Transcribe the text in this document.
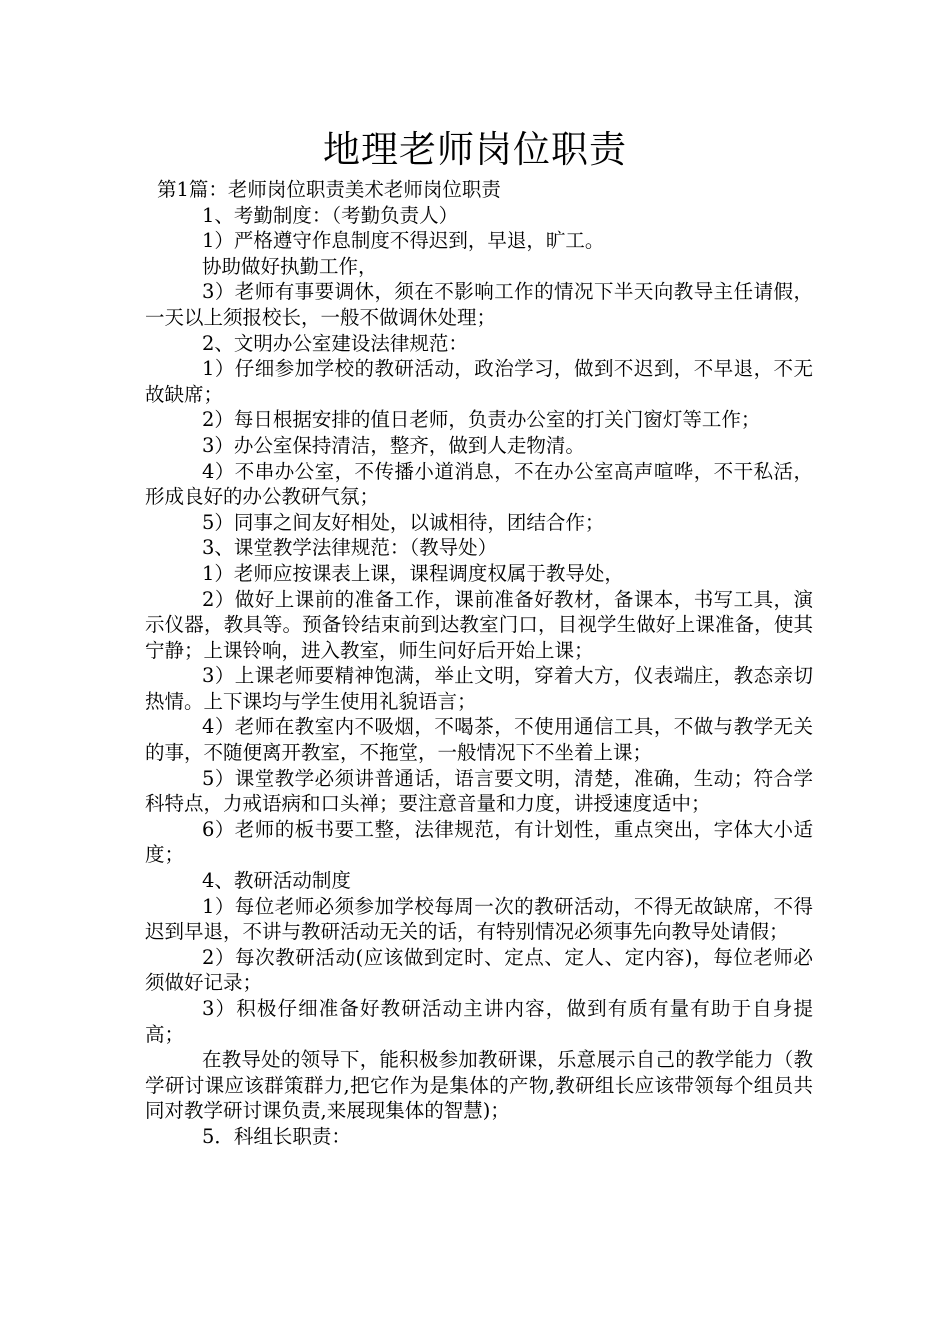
地理老师岗位职责

第1篇：老师岗位职责美术老师岗位职责

1、考勤制度：（考勤负责人）

1）严格遵守作息制度不得迟到，早退，旷工。

协助做好执勤工作，

3）老师有事要调休，须在不影响工作的情况下半天向教导主任请假，一天以上须报校长，一般不做调休处理；

2、文明办公室建设法律规范：

1）仔细参加学校的教研活动，政治学习，做到不迟到，不早退，不无故缺席；

2）每日根据安排的值日老师，负责办公室的打关门窗灯等工作；

3）办公室保持清洁，整齐，做到人走物清。

4）不串办公室，不传播小道消息，不在办公室高声喧哗，不干私活，形成良好的办公教研气氛；

5）同事之间友好相处，以诚相待，团结合作；

3、课堂教学法律规范：（教导处）

1）老师应按课表上课，课程调度权属于教导处，

2）做好上课前的准备工作，课前准备好教材，备课本，书写工具，演示仪器，教具等。预备铃结束前到达教室门口，目视学生做好上课准备，使其宁静；上课铃响，进入教室，师生问好后开始上课；

3）上课老师要精神饱满，举止文明，穿着大方，仪表端庄，教态亲切热情。上下课均与学生使用礼貌语言；

4）老师在教室内不吸烟，不喝茶，不使用通信工具，不做与教学无关的事，不随便离开教室，不拖堂，一般情况下不坐着上课；

5）课堂教学必须讲普通话，语言要文明，清楚，准确，生动；符合学科特点，力戒语病和口头禅；要注意音量和力度，讲授速度适中；

6）老师的板书要工整，法律规范，有计划性，重点突出，字体大小适度；

4、教研活动制度

1）每位老师必须参加学校每周一次的教研活动，不得无故缺席，不得迟到早退，不讲与教研活动无关的话，有特别情况必须事先向教导处请假；

2）每次教研活动(应该做到定时、定点、定人、定内容)，每位老师必须做好记录；

3）积极仔细准备好教研活动主讲内容，做到有质有量有助于自身提高；

在教导处的领导下，能积极参加教研课，乐意展示自己的教学能力（教学研讨课应该群策群力,把它作为是集体的产物,教研组长应该带领每个组员共同对教学研讨课负责,来展现集体的智慧)；

5．科组长职责：
